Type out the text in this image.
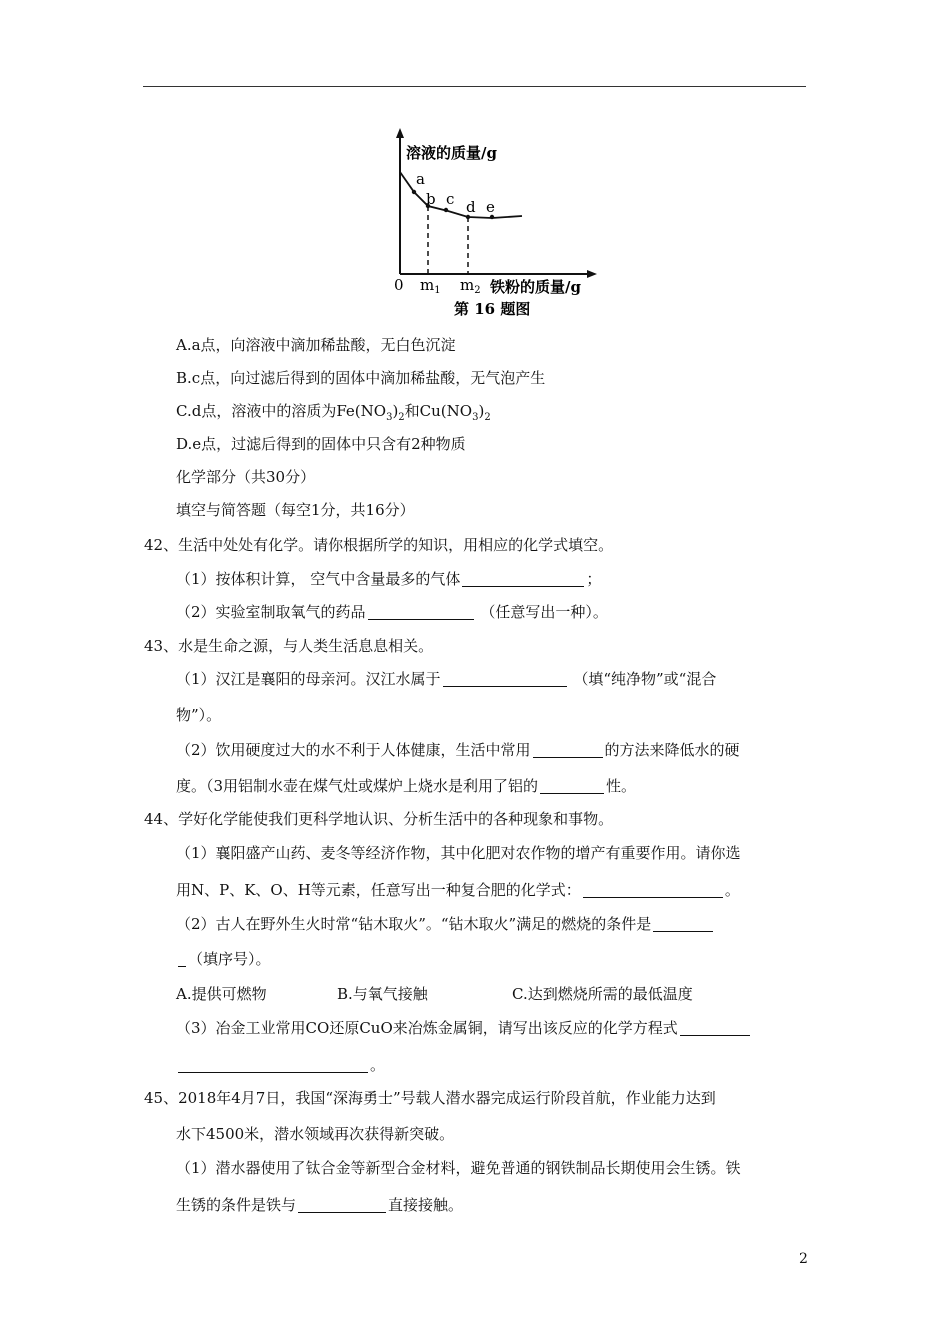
溶液的质量/g
a
b c d e
0 $m_1$ $m_2$ 铁粉的质量/g
第 16 题图
A.a点，向溶液中滴加稀盐酸，无白色沉淀
B.c点，向过滤后得到的固体中滴加稀盐酸，无气泡产生
C.d点，溶液中的溶质为$Fe(NO_3)_2$和$Cu(NO_3)_2$
D.e点，过滤后得到的固体中只含有2种物质
化学部分（共30分）
填空与简答题（每空1分，共16分）
42、生活中处处有化学。请你根据所学的知识，用相应的化学式填空。
（1）按体积计算， 空气中含量最多的气体	；
（2）实验室制取氧气的药品	（任意写出一种）。
43、水是生命之源，与人类生活息息相关。
（1）汉江是襄阳的母亲河。汉江水属于	（填“纯净物”或“混合
物”）。
（2）饮用硬度过大的水不利于人体健康，生活中常用	的方法来降低水的硬
度。（3用铝制水壶在煤气灶或煤炉上烧水是利用了铝的	性。
44、学好化学能使我们更科学地认识、分析生活中的各种现象和事物。
（1）襄阳盛产山药、麦冬等经济作物，其中化肥对农作物的增产有重要作用。请你选
用N、P、K、O、H等元素，任意写出一种复合肥的化学式：	。
（2）古人在野外生火时常“钻木取火”。“钻木取火”满足的燃烧的条件是
（填序号）。
A.提供可燃物	B.与氧气接触	C.达到燃烧所需的最低温度
（3）冶金工业常用CO还原CuO来冶炼金属铜，请写出该反应的化学方程式
。
45、2018年4月7日，我国“深海勇士”号载人潜水器完成运行阶段首航，作业能力达到
水下4500米，潜水领域再次获得新突破。
（1）潜水器使用了钛合金等新型合金材料，避免普通的钢铁制品长期使用会生锈。铁
生锈的条件是铁与	直接接触。
2
